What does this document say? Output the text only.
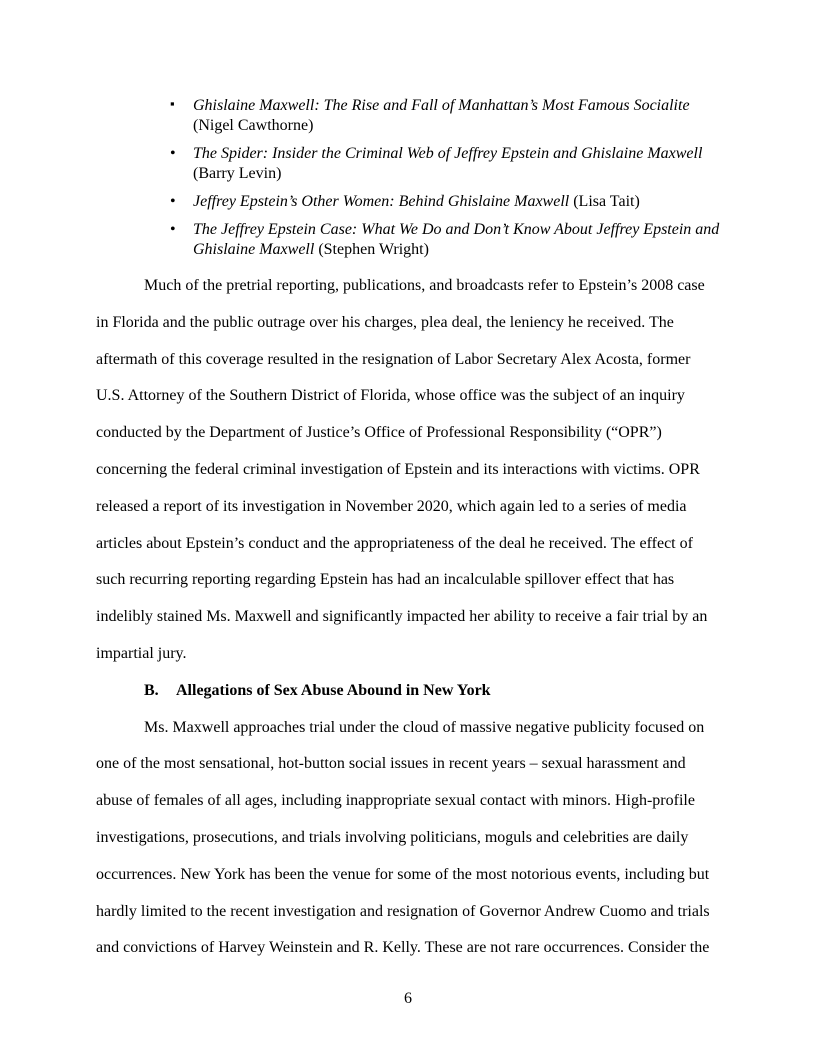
▪	Ghislaine Maxwell: The Rise and Fall of Manhattan’s Most Famous Socialite (Nigel Cawthorne)
•	The Spider: Insider the Criminal Web of Jeffrey Epstein and Ghislaine Maxwell (Barry Levin)
•	Jeffrey Epstein’s Other Women: Behind Ghislaine Maxwell (Lisa Tait)
•	The Jeffrey Epstein Case: What We Do and Don’t Know About Jeffrey Epstein and Ghislaine Maxwell (Stephen Wright)

Much of the pretrial reporting, publications, and broadcasts refer to Epstein’s 2008 case in Florida and the public outrage over his charges, plea deal, the leniency he received. The aftermath of this coverage resulted in the resignation of Labor Secretary Alex Acosta, former U.S. Attorney of the Southern District of Florida, whose office was the subject of an inquiry conducted by the Department of Justice’s Office of Professional Responsibility (“OPR”) concerning the federal criminal investigation of Epstein and its interactions with victims. OPR released a report of its investigation in November 2020, which again led to a series of media articles about Epstein’s conduct and the appropriateness of the deal he received. The effect of such recurring reporting regarding Epstein has had an incalculable spillover effect that has indelibly stained Ms. Maxwell and significantly impacted her ability to receive a fair trial by an impartial jury.

B. Allegations of Sex Abuse Abound in New York

Ms. Maxwell approaches trial under the cloud of massive negative publicity focused on one of the most sensational, hot-button social issues in recent years – sexual harassment and abuse of females of all ages, including inappropriate sexual contact with minors. High-profile investigations, prosecutions, and trials involving politicians, moguls and celebrities are daily occurrences. New York has been the venue for some of the most notorious events, including but hardly limited to the recent investigation and resignation of Governor Andrew Cuomo and trials and convictions of Harvey Weinstein and R. Kelly. These are not rare occurrences. Consider the

6
